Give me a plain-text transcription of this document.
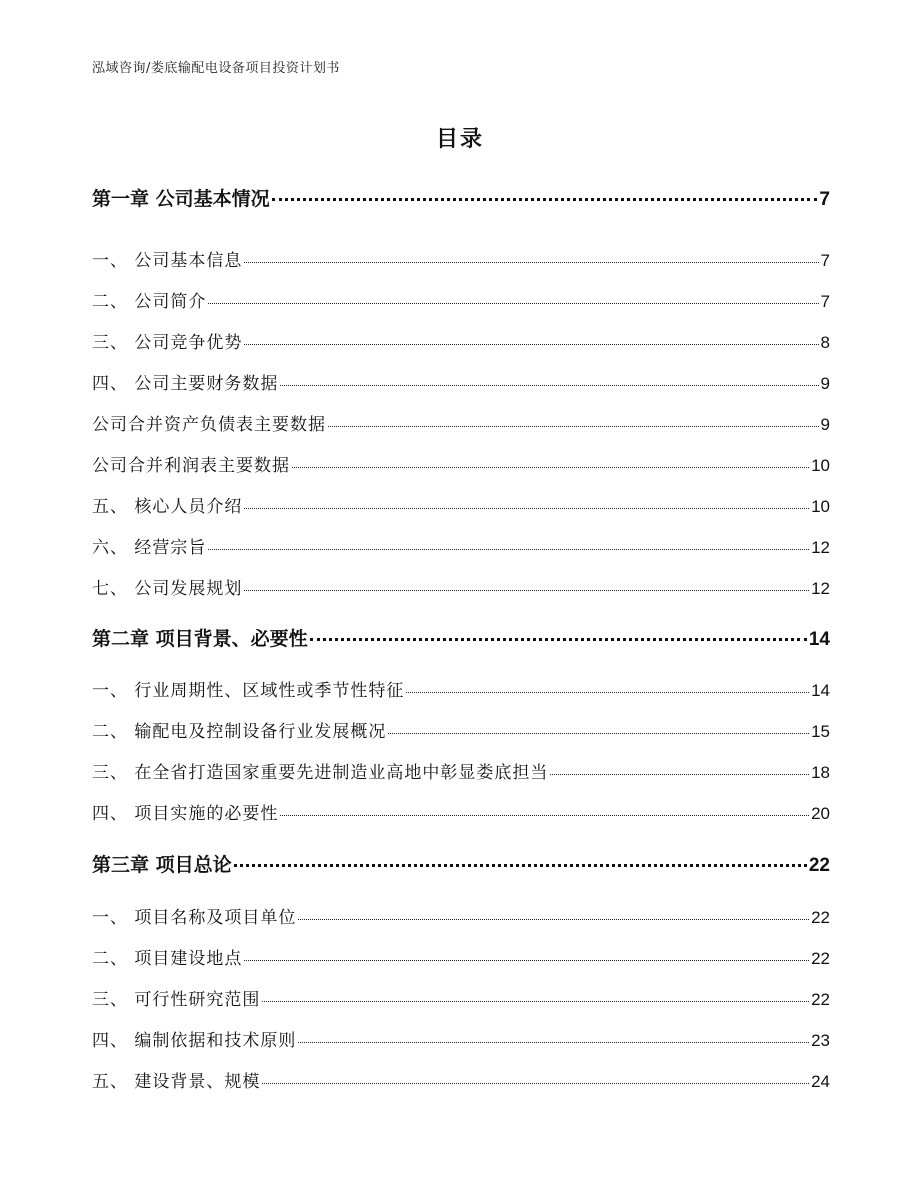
泓域咨询/娄底输配电设备项目投资计划书
目录
第一章 公司基本情况	7
一、 公司基本信息	7
二、 公司简介	7
三、 公司竞争优势	8
四、 公司主要财务数据	9
公司合并资产负债表主要数据	9
公司合并利润表主要数据	10
五、 核心人员介绍	10
六、 经营宗旨	12
七、 公司发展规划	12
第二章 项目背景、必要性	14
一、 行业周期性、区域性或季节性特征	14
二、 输配电及控制设备行业发展概况	15
三、 在全省打造国家重要先进制造业高地中彰显娄底担当	18
四、 项目实施的必要性	20
第三章 项目总论	22
一、 项目名称及项目单位	22
二、 项目建设地点	22
三、 可行性研究范围	22
四、 编制依据和技术原则	23
五、 建设背景、规模	24
